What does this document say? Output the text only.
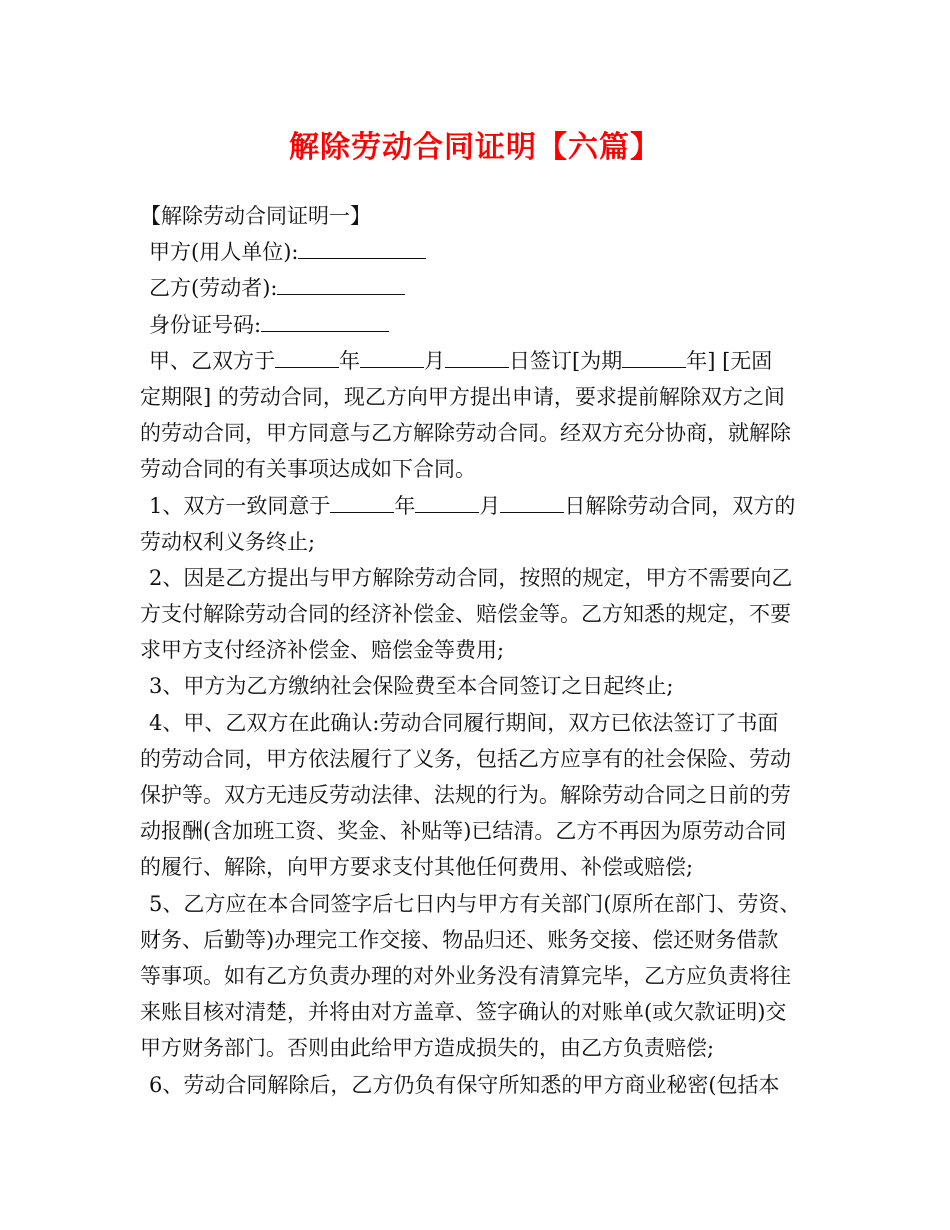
解除劳动合同证明【六篇】
【解除劳动合同证明一】
甲方(用人单位):
乙方(劳动者):
身份证号码:
甲、乙双方于	年	月	日签订[为期	年] [无固
定期限] 的劳动合同，现乙方向甲方提出申请，要求提前解除双方之间
的劳动合同，甲方同意与乙方解除劳动合同。经双方充分协商，就解除
劳动合同的有关事项达成如下合同。
1、双方一致同意于	年	月	日解除劳动合同，双方的
劳动权利义务终止;
2、因是乙方提出与甲方解除劳动合同，按照的规定，甲方不需要向乙
方支付解除劳动合同的经济补偿金、赔偿金等。乙方知悉的规定，不要
求甲方支付经济补偿金、赔偿金等费用;
3、甲方为乙方缴纳社会保险费至本合同签订之日起终止;
4、甲、乙双方在此确认:劳动合同履行期间，双方已依法签订了书面
的劳动合同，甲方依法履行了义务，包括乙方应享有的社会保险、劳动
保护等。双方无违反劳动法律、法规的行为。解除劳动合同之日前的劳
动报酬(含加班工资、奖金、补贴等)已结清。乙方不再因为原劳动合同
的履行、解除，向甲方要求支付其他任何费用、补偿或赔偿;
5、乙方应在本合同签字后七日内与甲方有关部门(原所在部门、劳资、
财务、后勤等)办理完工作交接、物品归还、账务交接、偿还财务借款
等事项。如有乙方负责办理的对外业务没有清算完毕，乙方应负责将往
来账目核对清楚，并将由对方盖章、签字确认的对账单(或欠款证明)交
甲方财务部门。否则由此给甲方造成损失的，由乙方负责赔偿;
6、劳动合同解除后，乙方仍负有保守所知悉的甲方商业秘密(包括本
